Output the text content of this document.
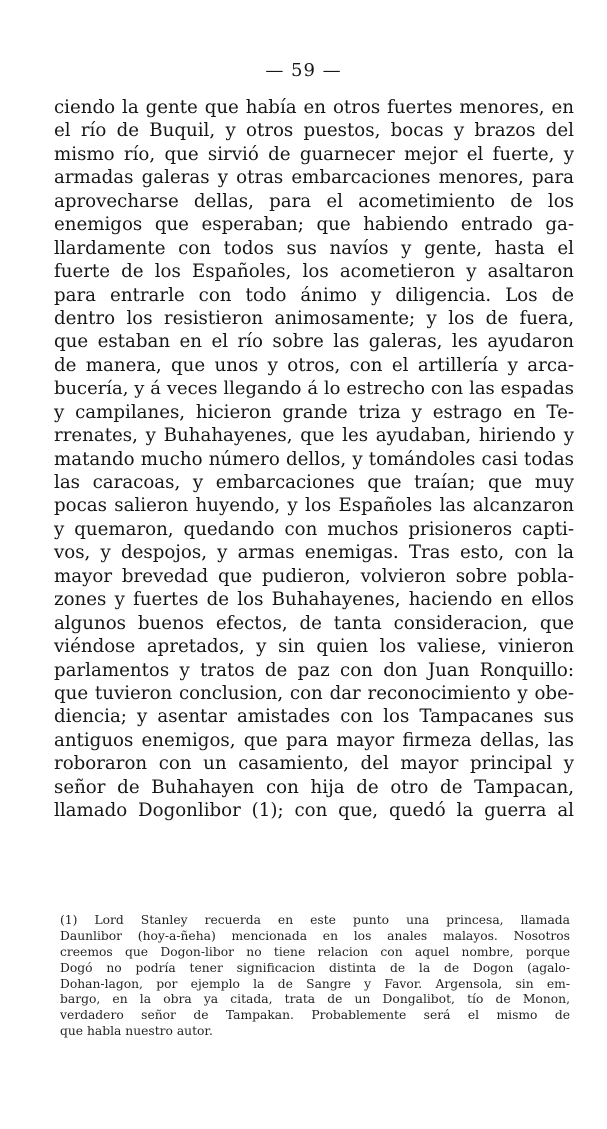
— 59 —
ciendo la gente que había en otros fuertes menores, en
el río de Buquil, y otros puestos, bocas y brazos del
mismo río, que sirvió de guarnecer mejor el fuerte, y
armadas galeras y otras embarcaciones menores, para
aprovecharse dellas, para el acometimiento de los
enemigos que esperaban; que habiendo entrado ga-
llardamente con todos sus navíos y gente, hasta el
fuerte de los Españoles, los acometieron y asaltaron
para entrarle con todo ánimo y diligencia. Los de
dentro los resistieron animosamente; y los de fuera,
que estaban en el río sobre las galeras, les ayudaron
de manera, que unos y otros, con el artillería y arca-
bucería, y á veces llegando á lo estrecho con las espadas
y campilanes, hicieron grande triza y estrago en Te-
rrenates, y Buhahayenes, que les ayudaban, hiriendo y
matando mucho número dellos, y tomándoles casi todas
las caracoas, y embarcaciones que traían; que muy
pocas salieron huyendo, y los Españoles las alcanzaron
y quemaron, quedando con muchos prisioneros capti-
vos, y despojos, y armas enemigas. Tras esto, con la
mayor brevedad que pudieron, volvieron sobre pobla-
zones y fuertes de los Buhahayenes, haciendo en ellos
algunos buenos efectos, de tanta consideracion, que
viéndose apretados, y sin quien los valiese, vinieron
parlamentos y tratos de paz con don Juan Ronquillo:
que tuvieron conclusion, con dar reconocimiento y obe-
diencia; y asentar amistades con los Tampacanes sus
antiguos enemigos, que para mayor firmeza dellas, las
roboraron con un casamiento, del mayor principal y
señor de Buhahayen con hija de otro de Tampacan,
llamado Dogonlibor (1); con que, quedó la guerra al
(1) Lord Stanley recuerda en este punto una princesa, llamada
Daunlibor (hoy-a-ñeha) mencionada en los anales malayos. Nosotros
creemos que Dogon-libor no tiene relacion con aquel nombre, porque
Dogó no podría tener significacion distinta de la de Dogon (agalo-
Dohan-lagon, por ejemplo la de Sangre y Favor. Argensola, sin em-
bargo, en la obra ya citada, trata de un Dongalibot, tío de Monon,
verdadero señor de Tampakan. Probablemente será el mismo de
que habla nuestro autor.
